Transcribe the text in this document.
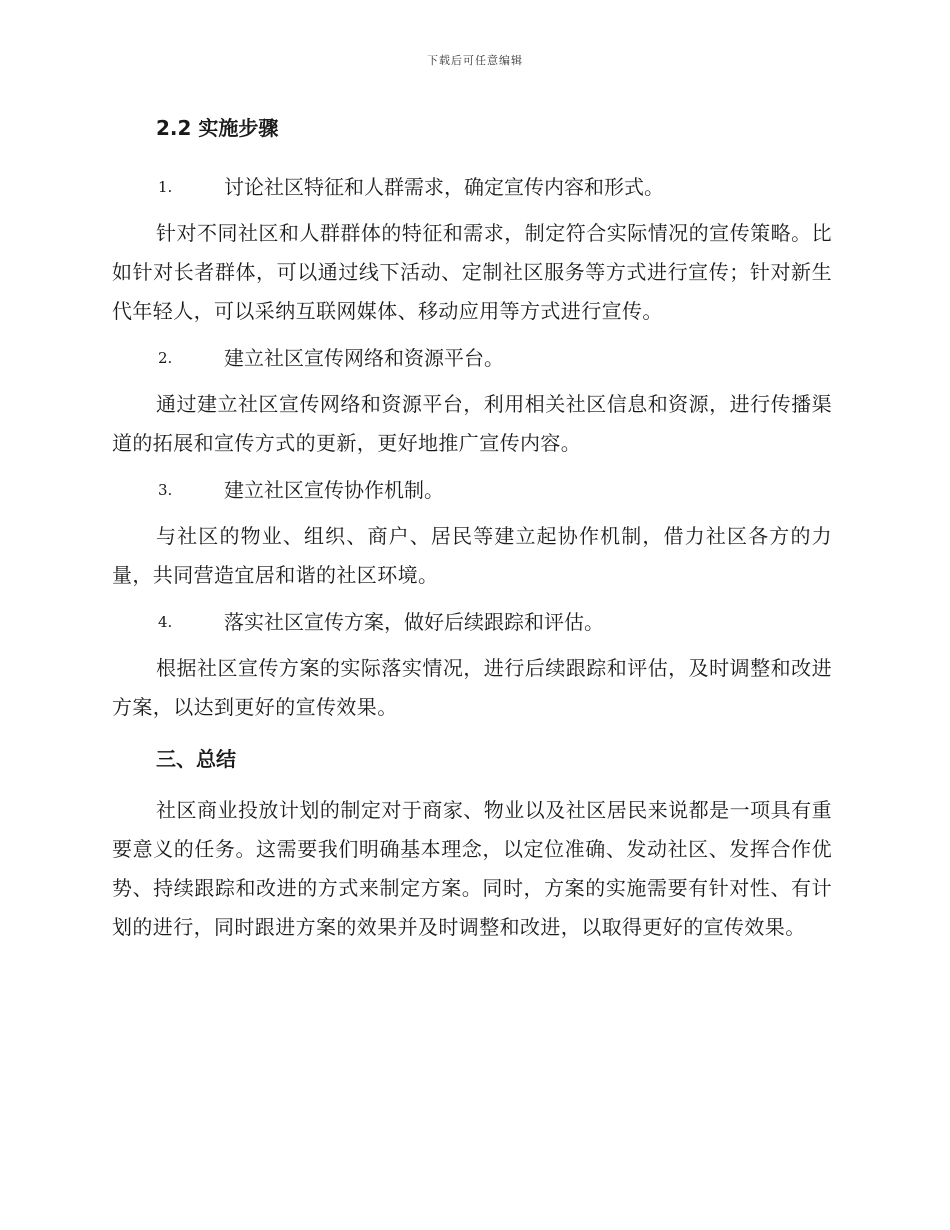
下载后可任意编辑
2.2 实施步骤
1.	讨论社区特征和人群需求，确定宣传内容和形式。

针对不同社区和人群群体的特征和需求，制定符合实际情况的宣传策略。比如针对长者群体，可以通过线下活动、定制社区服务等方式进行宣传；针对新生代年轻人，可以采纳互联网媒体、移动应用等方式进行宣传。

2.	建立社区宣传网络和资源平台。

通过建立社区宣传网络和资源平台，利用相关社区信息和资源，进行传播渠道的拓展和宣传方式的更新，更好地推广宣传内容。

3.	建立社区宣传协作机制。

与社区的物业、组织、商户、居民等建立起协作机制，借力社区各方的力量，共同营造宜居和谐的社区环境。

4.	落实社区宣传方案，做好后续跟踪和评估。

根据社区宣传方案的实际落实情况，进行后续跟踪和评估，及时调整和改进方案，以达到更好的宣传效果。

三、总结

社区商业投放计划的制定对于商家、物业以及社区居民来说都是一项具有重要意义的任务。这需要我们明确基本理念，以定位准确、发动社区、发挥合作优势、持续跟踪和改进的方式来制定方案。同时，方案的实施需要有针对性、有计划的进行，同时跟进方案的效果并及时调整和改进，以取得更好的宣传效果。
